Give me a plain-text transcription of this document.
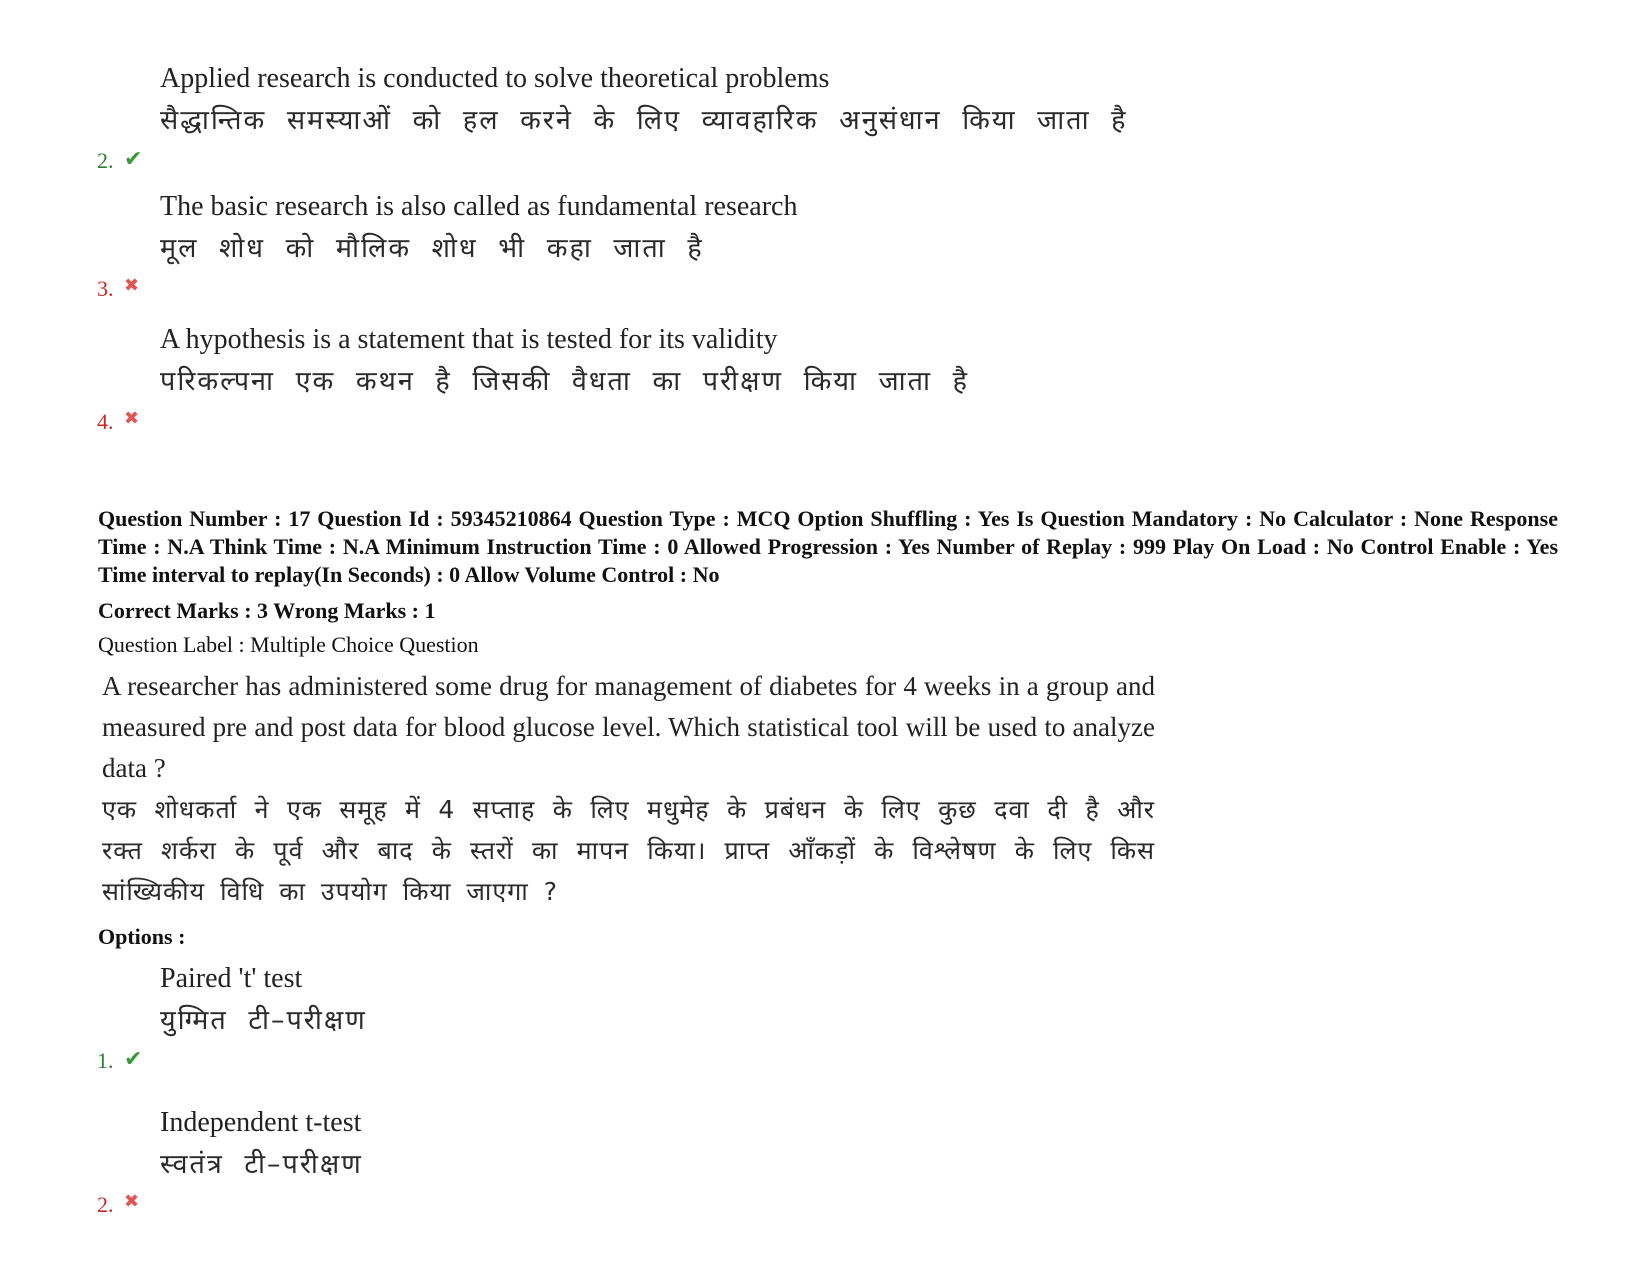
Applied research is conducted to solve theoretical problems
सैद्धान्तिक समस्याओं को हल करने के लिए व्यावहारिक अनुसंधान किया जाता है
2. ✔
The basic research is also called as fundamental research
मूल शोध को मौलिक शोध भी कहा जाता है
3. ✖
A hypothesis is a statement that is tested for its validity
परिकल्पना एक कथन है जिसकी वैधता का परीक्षण किया जाता है
4. ✖
Question Number : 17 Question Id : 59345210864 Question Type : MCQ Option Shuffling : Yes Is Question Mandatory : No Calculator : None Response Time : N.A Think Time : N.A Minimum Instruction Time : 0 Allowed Progression : Yes Number of Replay : 999 Play On Load : No Control Enable : Yes Time interval to replay(In Seconds) : 0 Allow Volume Control : No
Correct Marks : 3 Wrong Marks : 1
Question Label : Multiple Choice Question
A researcher has administered some drug for management of diabetes for 4 weeks in a group and measured pre and post data for blood glucose level. Which statistical tool will be used to analyze data ?
एक शोधकर्ता ने एक समूह में 4 सप्ताह के लिए मधुमेह के प्रबंधन के लिए कुछ दवा दी है और रक्त शर्करा के पूर्व और बाद के स्तरों का मापन किया। प्राप्त आँकड़ों के विश्लेषण के लिए किस सांख्यिकीय विधि का उपयोग किया जाएगा ?
Options :
Paired 't' test
युग्मित टी–परीक्षण
1. ✔
Independent t-test
स्वतंत्र टी–परीक्षण
2. ✖
